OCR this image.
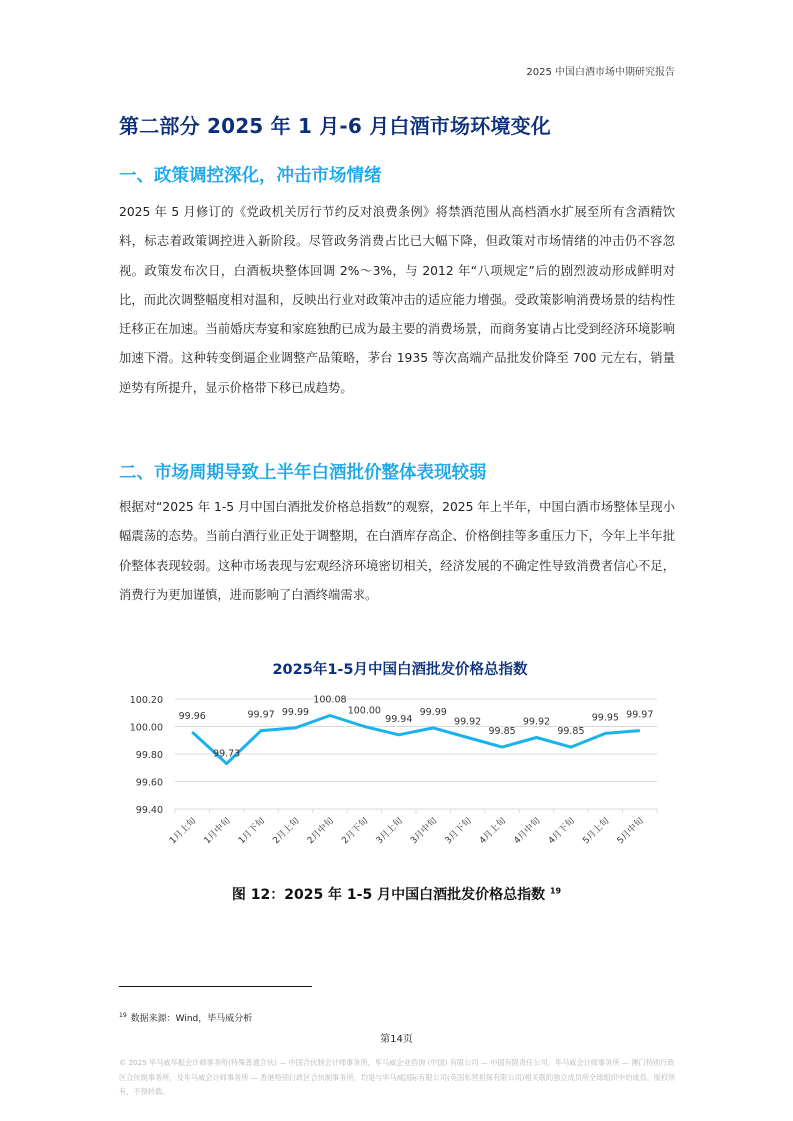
2025 中国白酒市场中期研究报告
第二部分 2025 年 1 月-6 月白酒市场环境变化
一、政策调控深化，冲击市场情绪
2025 年 5 月修订的《党政机关厉行节约反对浪费条例》将禁酒范围从高档酒水扩展至所有含酒精饮料，标志着政策调控进入新阶段。尽管政务消费占比已大幅下降，但政策对市场情绪的冲击仍不容忽视。政策发布次日，白酒板块整体回调 2%～3%，与 2012 年“八项规定”后的剧烈波动形成鲜明对比，而此次调整幅度相对温和，反映出行业对政策冲击的适应能力增强。受政策影响消费场景的结构性迁移正在加速。当前婚庆寿宴和家庭独酌已成为最主要的消费场景，而商务宴请占比受到经济环境影响加速下滑。这种转变倒逼企业调整产品策略，茅台 1935 等次高端产品批发价降至 700 元左右，销量逆势有所提升，显示价格带下移已成趋势。
二、市场周期导致上半年白酒批价整体表现较弱
根据对“2025 年 1-5 月中国白酒批发价格总指数”的观察，2025 年上半年，中国白酒市场整体呈现小幅震荡的态势。当前白酒行业正处于调整期，在白酒库存高企、价格倒挂等多重压力下，今年上半年批价整体表现较弱。这种市场表现与宏观经济环境密切相关，经济发展的不确定性导致消费者信心不足，消费行为更加谨慎，进而影响了白酒终端需求。
2025年1-5月中国白酒批发价格总指数
99.40
99.60
99.80
100.00
100.20
1月上旬 1月中旬 1月下旬 2月上旬 2月中旬 2月下旬 3月上旬 3月中旬 3月下旬 4月上旬 4月中旬 4月下旬 5月上旬 5月中旬
99.96
99.73
99.97 99.99
100.08
100.00
99.94
99.99
99.92
99.85
99.92
99.85
99.95 99.97
图 12：2025 年 1-5 月中国白酒批发价格总指数 $^{19}$
$^{19}$ 数据来源：Wind，毕马威分析
第14页
© 2025 毕马威华振会计师事务所(特殊普通合伙) — 中国合伙制会计师事务所，毕马威企业咨询 (中国) 有限公司 — 中国有限责任公司，毕马威会计师事务所 — 澳门特别行政区合伙制事务所，及毕马威会计师事务所 — 香港特别行政区合伙制事务所，均是与毕马威国际有限公司(英国私营担保有限公司)相关联的独立成员所全球组织中的成员。版权所有，不得转载。
